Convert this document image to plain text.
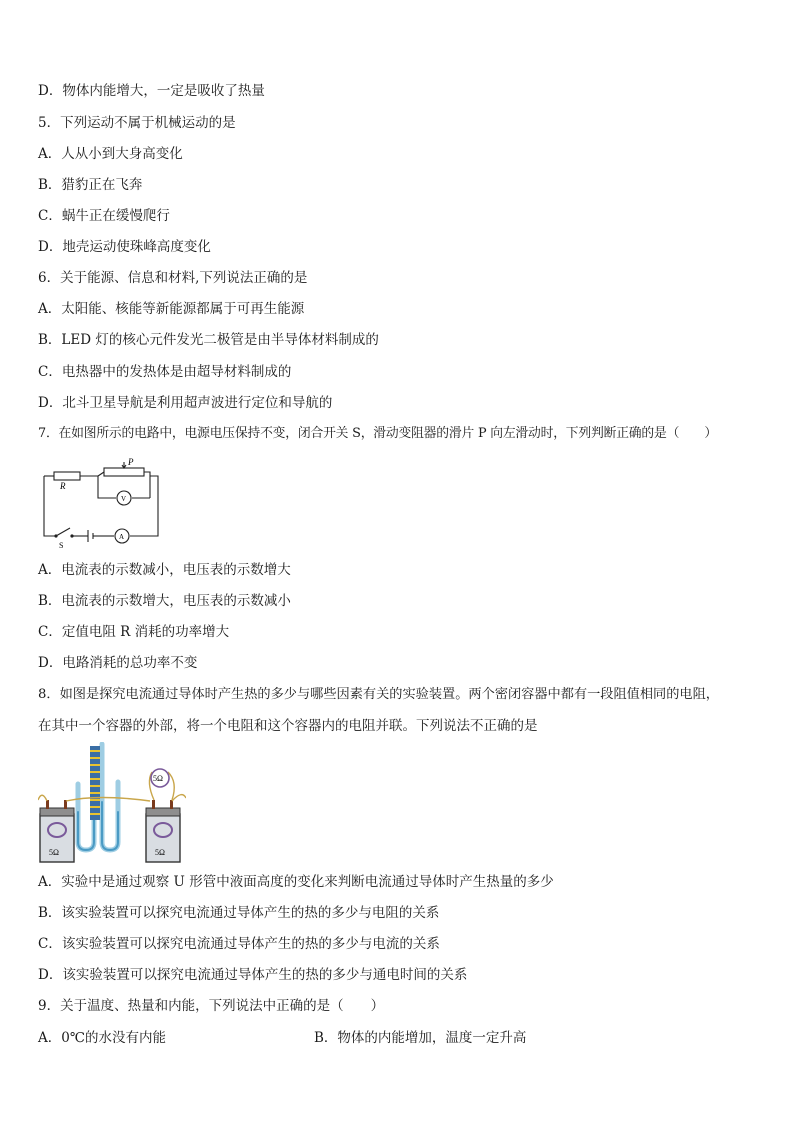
D．物体内能增大，一定是吸收了热量
5．下列运动不属于机械运动的是
A．人从小到大身高变化
B．猎豹正在飞奔
C．蜗牛正在缓慢爬行
D．地壳运动使珠峰高度变化
6．关于能源、信息和材料,下列说法正确的是
A．太阳能、核能等新能源都属于可再生能源
B．LED 灯的核心元件发光二极管是由半导体材料制成的
C．电热器中的发热体是由超导材料制成的
D．北斗卫星导航是利用超声波进行定位和导航的
7．在如图所示的电路中，电源电压保持不变，闭合开关 S，滑动变阻器的滑片 P 向左滑动时，下列判断正确的是（　　）
R
P
V
A
S
A．电流表的示数减小，电压表的示数增大
B．电流表的示数增大，电压表的示数减小
C．定值电阻 R 消耗的功率增大
D．电路消耗的总功率不变
8．如图是探究电流通过导体时产生热的多少与哪些因素有关的实验装置。两个密闭容器中都有一段阻值相同的电阻，
在其中一个容器的外部，将一个电阻和这个容器内的电阻并联。下列说法不正确的是
5Ω
5Ω	5Ω
A．实验中是通过观察 U 形管中液面高度的变化来判断电流通过导体时产生热量的多少
B．该实验装置可以探究电流通过导体产生的热的多少与电阻的关系
C．该实验装置可以探究电流通过导体产生的热的多少与电流的关系
D．该实验装置可以探究电流通过导体产生的热的多少与通电时间的关系
9．关于温度、热量和内能，下列说法中正确的是（　　）
A．0℃的水没有内能	B．物体的内能增加，温度一定升高
